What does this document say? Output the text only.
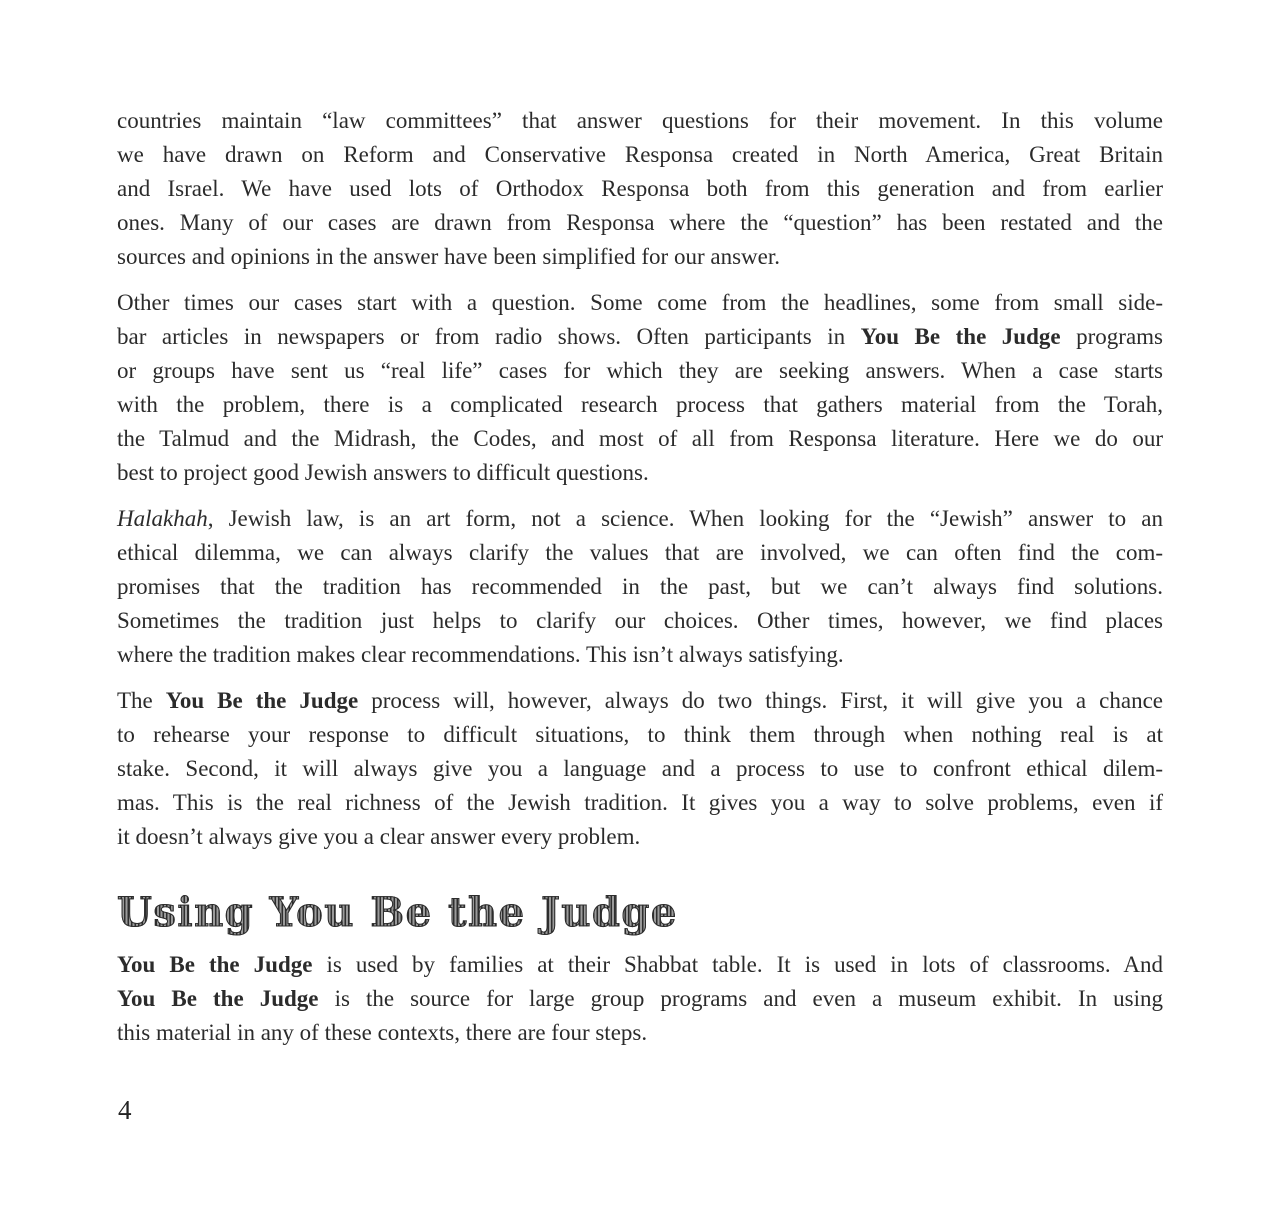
countries maintain “law committees” that answer questions for their movement. In this volume
we have drawn on Reform and Conservative Responsa created in North America, Great Britain
and Israel. We have used lots of Orthodox Responsa both from this generation and from earlier
ones. Many of our cases are drawn from Responsa where the “question” has been restated and the
sources and opinions in the answer have been simplified for our answer.
Other times our cases start with a question. Some come from the headlines, some from small side-
bar articles in newspapers or from radio shows. Often participants in You Be the Judge programs
or groups have sent us “real life” cases for which they are seeking answers. When a case starts
with the problem, there is a complicated research process that gathers material from the Torah,
the Talmud and the Midrash, the Codes, and most of all from Responsa literature. Here we do our
best to project good Jewish answers to difficult questions.
Halakhah, Jewish law, is an art form, not a science. When looking for the “Jewish” answer to an
ethical dilemma, we can always clarify the values that are involved, we can often find the com-
promises that the tradition has recommended in the past, but we can’t always find solutions.
Sometimes the tradition just helps to clarify our choices. Other times, however, we find places
where the tradition makes clear recommendations. This isn’t always satisfying.
The You Be the Judge process will, however, always do two things. First, it will give you a chance
to rehearse your response to difficult situations, to think them through when nothing real is at
stake. Second, it will always give you a language and a process to use to confront ethical dilem-
mas. This is the real richness of the Jewish tradition. It gives you a way to solve problems, even if
it doesn’t always give you a clear answer every problem.
Using You Be the Judge
You Be the Judge is used by families at their Shabbat table. It is used in lots of classrooms. And
You Be the Judge is the source for large group programs and even a museum exhibit. In using
this material in any of these contexts, there are four steps.
4
